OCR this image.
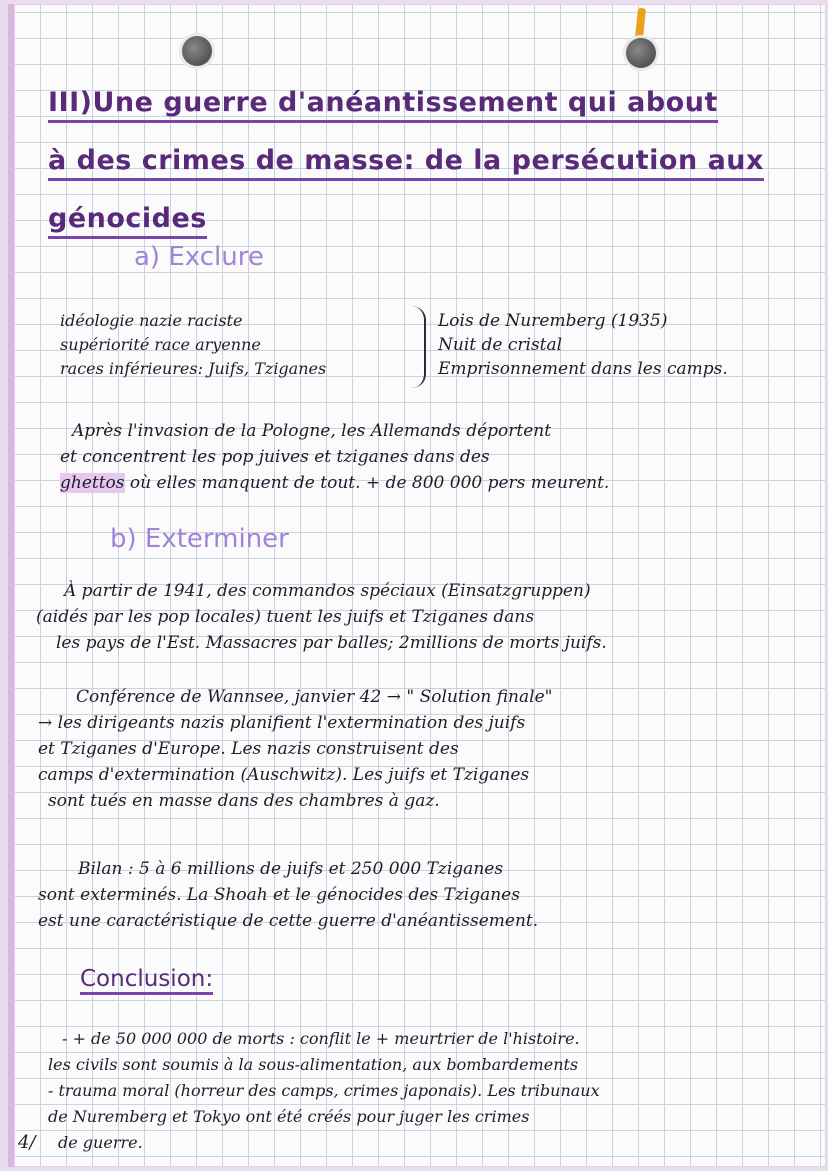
III)Une guerre d'anéantissement qui about
à des crimes de masse: de la persécution aux
génocides
a) Exclure
idéologie nazie raciste
supériorité race aryenne
races inférieures: Juifs, Tziganes
Lois de Nuremberg (1935)
Nuit de cristal
Emprisonnement dans les camps.
Après l'invasion de la Pologne, les Allemands déportent
et concentrent les pop juives et tziganes dans des
ghettos où elles manquent de tout. + de 800 000 pers meurent.
b) Exterminer
À partir de 1941, des commandos spéciaux (Einsatzgruppen)
(aidés par les pop locales) tuent les juifs et Tziganes dans
les pays de l'Est. Massacres par balles; 2millions de morts juifs.
Conférence de Wannsee, janvier 42 → " Solution finale"
→ les dirigeants nazis planifient l'extermination des juifs
et Tziganes d'Europe. Les nazis construisent des
camps d'extermination (Auschwitz). Les juifs et Tziganes
sont tués en masse dans des chambres à gaz.
Bilan : 5 à 6 millions de juifs et 250 000 Tziganes
sont exterminés. La Shoah et le génocides des Tziganes
est une caractéristique de cette guerre d'anéantissement.
Conclusion:
- + de 50 000 000 de morts : conflit le + meurtrier de l'histoire.
les civils sont soumis à la sous-alimentation, aux bombardements
- trauma moral (horreur des camps, crimes japonais). Les tribunaux
de Nuremberg et Tokyo ont été créés pour juger les crimes
de guerre.
4/
